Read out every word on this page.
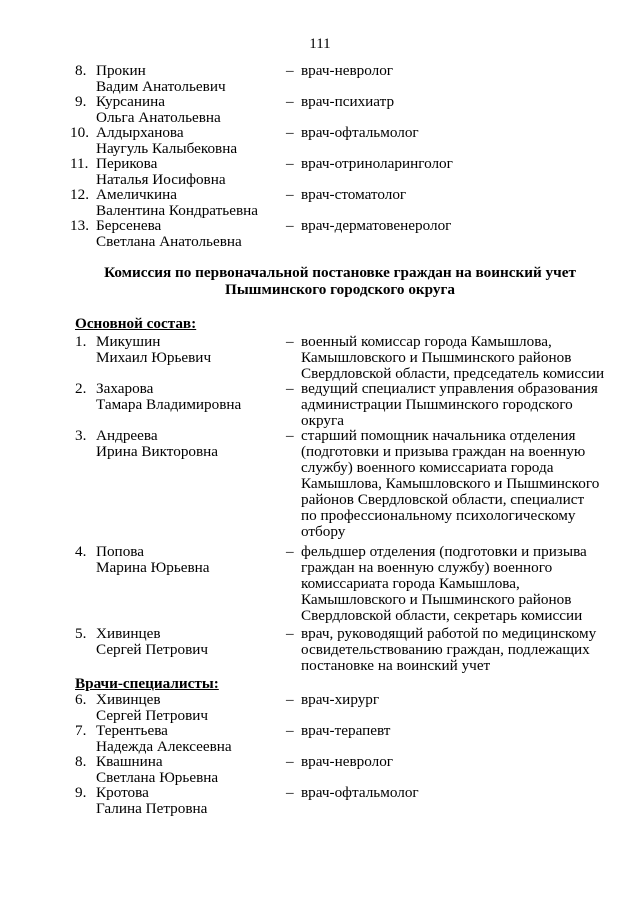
111
8. Прокин
Вадим Анатольевич
– врач-невролог
9. Курсанина
Ольга Анатольевна
– врач-психиатр
10. Алдырханова
Наугуль Калыбековна
– врач-офтальмолог
11. Перикова
Наталья Иосифовна
– врач-отриноларинголог
12. Амеличкина
Валентина Кондратьевна
– врач-стоматолог
13. Берсенева
Светлана Анатольевна
– врач-дерматовенеролог
Комиссия по первоначальной постановке граждан на воинский учет
Пышминского городского округа
Основной состав:
1. Микушин
Михаил Юрьевич
– военный комиссар города Камышлова,
Камышловского и Пышминского районов
Свердловской области, председатель комиссии
2. Захарова
Тамара Владимировна
– ведущий специалист управления образования
администрации Пышминского городского
округа
3. Андреева
Ирина Викторовна
– старший помощник начальника отделения
(подготовки и призыва граждан на военную
службу) военного комиссариата города
Камышлова, Камышловского и Пышминского
районов Свердловской области, специалист
по профессиональному психологическому
отбору
4. Попова
Марина Юрьевна
– фельдшер отделения (подготовки и призыва
граждан на военную службу) военного
комиссариата города Камышлова,
Камышловского и Пышминского районов
Свердловской области, секретарь комиссии
5. Хивинцев
Сергей Петрович
– врач, руководящий работой по медицинскому
освидетельствованию граждан, подлежащих
постановке на воинский учет
Врачи-специалисты:
6. Хивинцев
Сергей Петрович
– врач-хирург
7. Терентьева
Надежда Алексеевна
– врач-терапевт
8. Квашнина
Светлана Юрьевна
– врач-невролог
9. Кротова
Галина Петровна
– врач-офтальмолог
